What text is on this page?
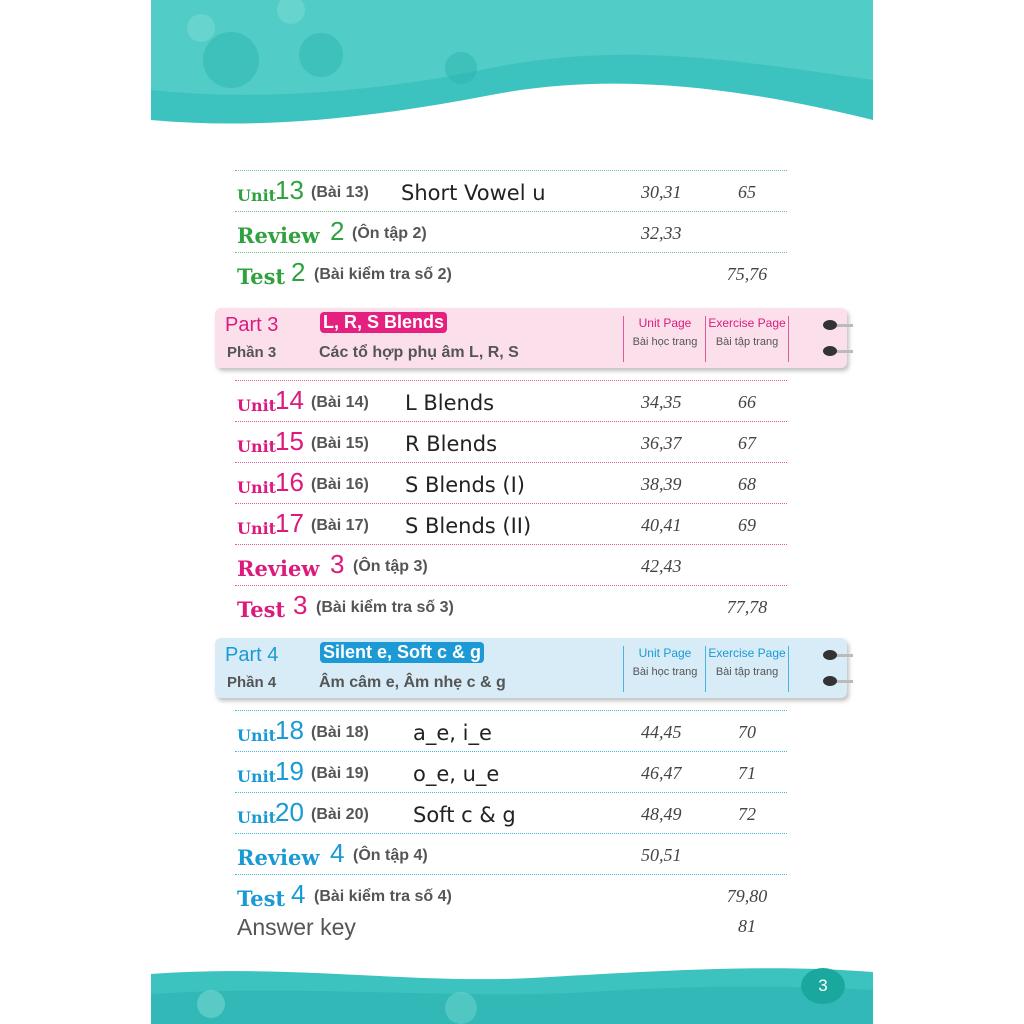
Unit
13 (Bài 13) Short Vowel u	30,31	65
Review 2 (Ôn tập 2)	32,33
Test 2 (Bài kiểm tra số 2)	75,76
Part 3
Phần 3
L, R, S Blends
Các tổ hợp phụ âm L, R, S
Unit Page
Bài học trang
Exercise Page
Bài tập trang
Unit
14 (Bài 14) L Blends	34,35	66
Unit
15 (Bài 15) R Blends	36,37	67
Unit
16 (Bài 16) S Blends (I)	38,39	68
Unit
17 (Bài 17) S Blends (II)	40,41	69
Review 3 (Ôn tập 3)	42,43
Test 3 (Bài kiểm tra số 3)	77,78
Part 4
Phần 4
Silent e, Soft c & g
Âm câm e, Âm nhẹ c & g
Unit Page
Bài học trang
Exercise Page
Bài tập trang
Unit
18 (Bài 18) a_e, i_e	44,45	70
Unit
19 (Bài 19) o_e, u_e	46,47	71
Unit
20 (Bài 20) Soft c & g	48,49	72
Review 4 (Ôn tập 4)	50,51
Test 4 (Bài kiểm tra số 4)	79,80
Answer key	81
3
